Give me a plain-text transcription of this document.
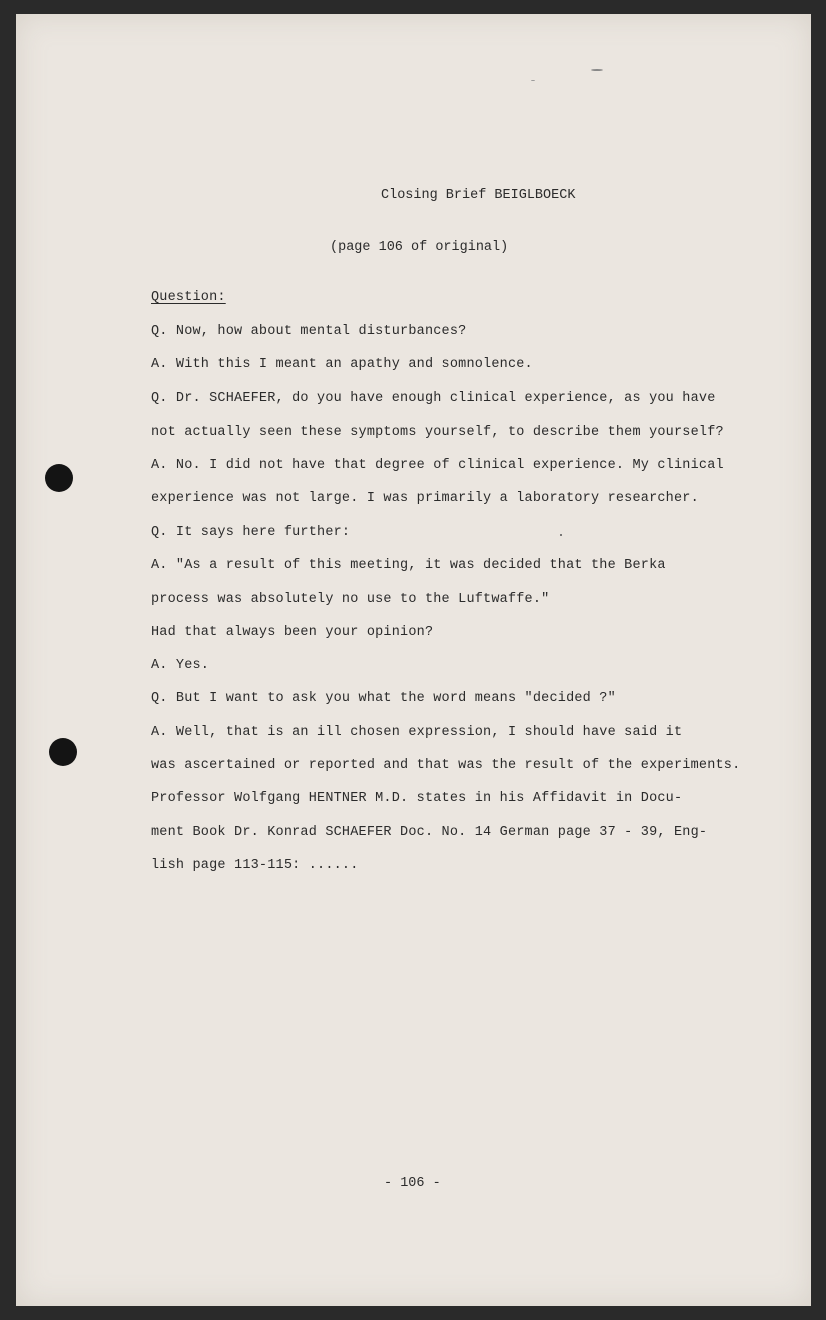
Closing Brief BEIGLBOECK
(page 106 of original)
Question:
Q. Now, how about mental disturbances?
A. With this I meant an apathy and somnolence.
Q. Dr. SCHAEFER, do you have enough clinical experience, as you have
not actually seen these symptoms yourself, to describe them yourself?
A. No. I did not have that degree of clinical experience. My clinical
experience was not large. I was primarily a laboratory researcher.
Q. It says here further:
A. "As a result of this meeting, it was decided that the Berka
process was absolutely no use to the Luftwaffe."
Had that always been your opinion?
A. Yes.
Q. But I want to ask you what the word means "decided ?"
A. Well, that is an ill chosen expression, I should have said it
was ascertained or reported and that was the result of the experiments.
Professor Wolfgang HENTNER M.D. states in his Affidavit in Docu-
ment Book Dr. Konrad SCHAEFER Doc. No. 14 German page 37 - 39, Eng-
lish page 113-115: ......
- 106 -
